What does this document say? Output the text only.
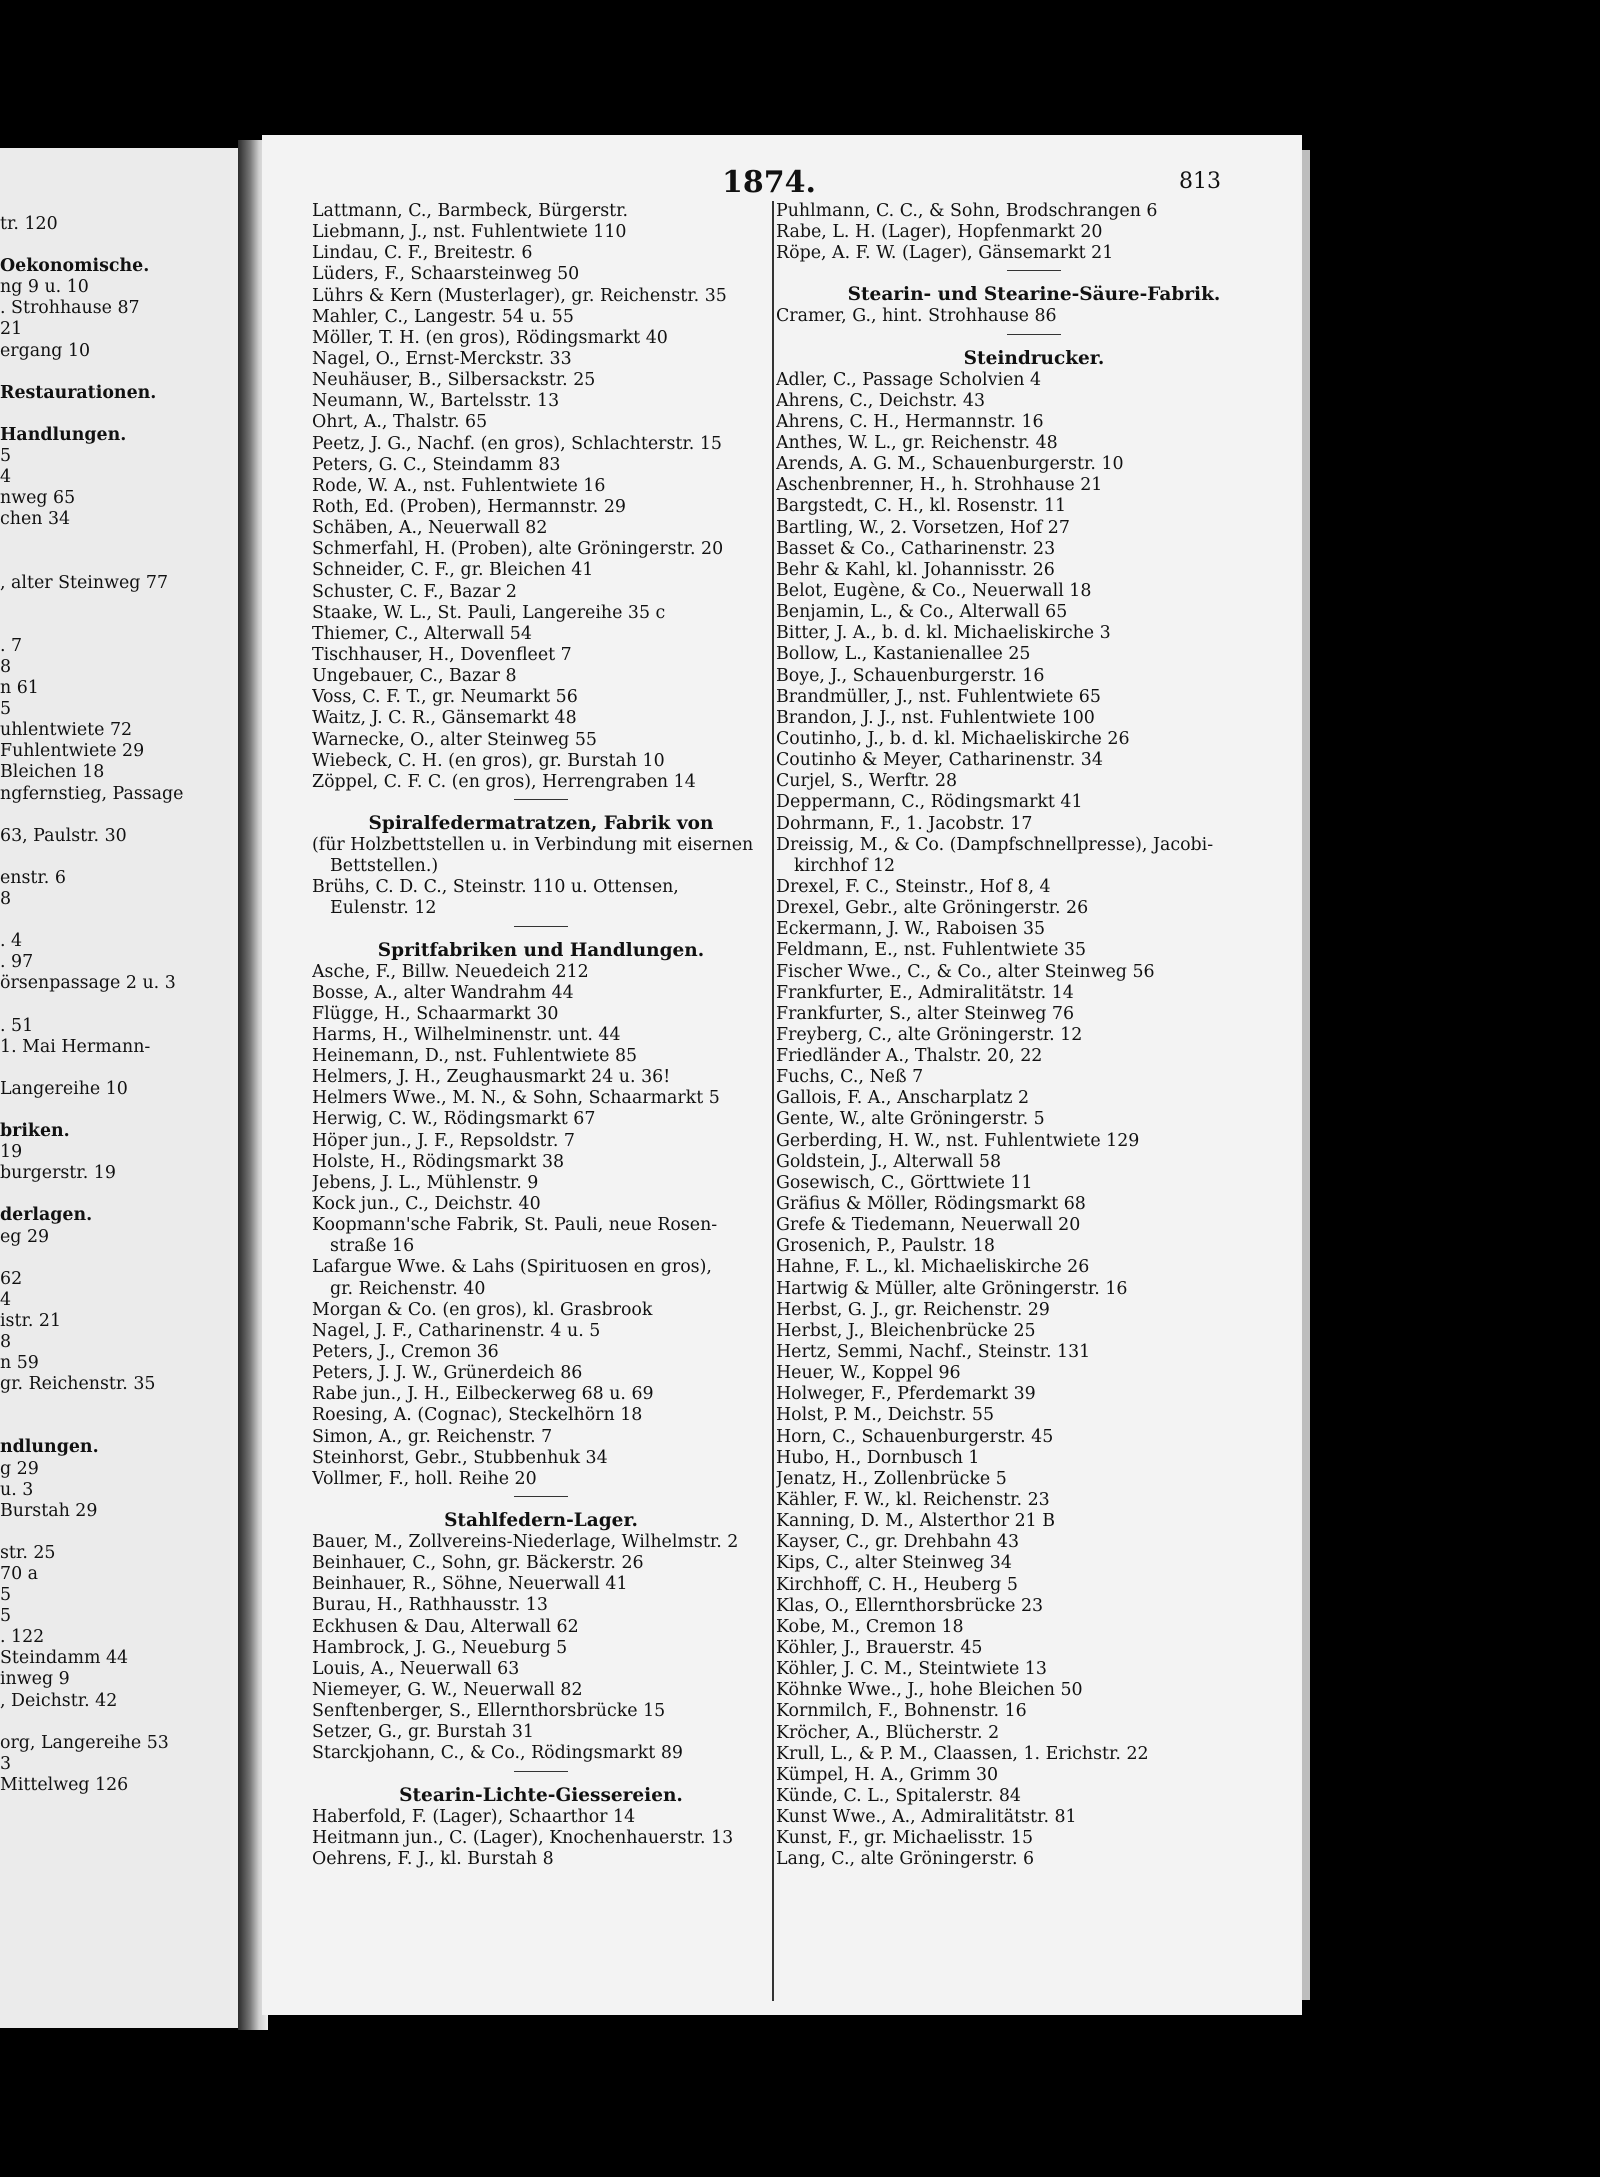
tr. 120
Oekonomische.
ng 9 u. 10
. Strohhause 87
21
ergang 10
Restaurationen.
Handlungen.
5
4
nweg 65
chen 34
, alter Steinweg 77
. 7
8
n 61
5
uhlentwiete 72
Fuhlentwiete 29
Bleichen 18
ngfernstieg, Passage
63, Paulstr. 30
enstr. 6
8
. 4
. 97
örsenpassage 2 u. 3
. 51
1. Mai Hermann-
Langereihe 10
briken.
19
burgerstr. 19
derlagen.
eg 29
62
4
istr. 21
8
n 59
gr. Reichenstr. 35
ndlungen.
g 29
u. 3
Burstah 29
str. 25
70 a
5
5
. 122
Steindamm 44
inweg 9
, Deichstr. 42
org, Langereihe 53
3
Mittelweg 126
1874.	813
Lattmann, C., Barmbeck, Bürgerstr.
Liebmann, J., nst. Fuhlentwiete 110
Lindau, C. F., Breitestr. 6
Lüders, F., Schaarsteinweg 50
Lührs & Kern (Musterlager), gr. Reichenstr. 35
Mahler, C., Langestr. 54 u. 55
Möller, T. H. (en gros), Rödingsmarkt 40
Nagel, O., Ernst-Merckstr. 33
Neuhäuser, B., Silbersackstr. 25
Neumann, W., Bartelsstr. 13
Ohrt, A., Thalstr. 65
Peetz, J. G., Nachf. (en gros), Schlachterstr. 15
Peters, G. C., Steindamm 83
Rode, W. A., nst. Fuhlentwiete 16
Roth, Ed. (Proben), Hermannstr. 29
Schäben, A., Neuerwall 82
Schmerfahl, H. (Proben), alte Gröningerstr. 20
Schneider, C. F., gr. Bleichen 41
Schuster, C. F., Bazar 2
Staake, W. L., St. Pauli, Langereihe 35 c
Thiemer, C., Alterwall 54
Tischhauser, H., Dovenfleet 7
Ungebauer, C., Bazar 8
Voss, C. F. T., gr. Neumarkt 56
Waitz, J. C. R., Gänsemarkt 48
Warnecke, O., alter Steinweg 55
Wiebeck, C. H. (en gros), gr. Burstah 10
Zöppel, C. F. C. (en gros), Herrengraben 14
Spiralfedermatratzen, Fabrik von
(für Holzbettstellen u. in Verbindung mit eisernen
Bettstellen.)
Brühs, C. D. C., Steinstr. 110 u. Ottensen,
Eulenstr. 12
Spritfabriken und Handlungen.
Asche, F., Billw. Neuedeich 212
Bosse, A., alter Wandrahm 44
Flügge, H., Schaarmarkt 30
Harms, H., Wilhelminenstr. unt. 44
Heinemann, D., nst. Fuhlentwiete 85
Helmers, J. H., Zeughausmarkt 24 u. 36!
Helmers Wwe., M. N., & Sohn, Schaarmarkt 5
Herwig, C. W., Rödingsmarkt 67
Höper jun., J. F., Repsoldstr. 7
Holste, H., Rödingsmarkt 38
Jebens, J. L., Mühlenstr. 9
Kock jun., C., Deichstr. 40
Koopmann'sche Fabrik, St. Pauli, neue Rosen-
straße 16
Lafargue Wwe. & Lahs (Spirituosen en gros),
gr. Reichenstr. 40
Morgan & Co. (en gros), kl. Grasbrook
Nagel, J. F., Catharinenstr. 4 u. 5
Peters, J., Cremon 36
Peters, J. J. W., Grünerdeich 86
Rabe jun., J. H., Eilbeckerweg 68 u. 69
Roesing, A. (Cognac), Steckelhörn 18
Simon, A., gr. Reichenstr. 7
Steinhorst, Gebr., Stubbenhuk 34
Vollmer, F., holl. Reihe 20
Stahlfedern-Lager.
Bauer, M., Zollvereins-Niederlage, Wilhelmstr. 2
Beinhauer, C., Sohn, gr. Bäckerstr. 26
Beinhauer, R., Söhne, Neuerwall 41
Burau, H., Rathhausstr. 13
Eckhusen & Dau, Alterwall 62
Hambrock, J. G., Neueburg 5
Louis, A., Neuerwall 63
Niemeyer, G. W., Neuerwall 82
Senftenberger, S., Ellernthorsbrücke 15
Setzer, G., gr. Burstah 31
Starckjohann, C., & Co., Rödingsmarkt 89
Stearin-Lichte-Giessereien.
Haberfold, F. (Lager), Schaarthor 14
Heitmann jun., C. (Lager), Knochenhauerstr. 13
Oehrens, F. J., kl. Burstah 8
Puhlmann, C. C., & Sohn, Brodschrangen 6
Rabe, L. H. (Lager), Hopfenmarkt 20
Röpe, A. F. W. (Lager), Gänsemarkt 21
Stearin- und Stearine-Säure-Fabrik.
Cramer, G., hint. Strohhause 86
Steindrucker.
Adler, C., Passage Scholvien 4
Ahrens, C., Deichstr. 43
Ahrens, C. H., Hermannstr. 16
Anthes, W. L., gr. Reichenstr. 48
Arends, A. G. M., Schauenburgerstr. 10
Aschenbrenner, H., h. Strohhause 21
Bargstedt, C. H., kl. Rosenstr. 11
Bartling, W., 2. Vorsetzen, Hof 27
Basset & Co., Catharinenstr. 23
Behr & Kahl, kl. Johannisstr. 26
Belot, Eugène, & Co., Neuerwall 18
Benjamin, L., & Co., Alterwall 65
Bitter, J. A., b. d. kl. Michaeliskirche 3
Bollow, L., Kastanienallee 25
Boye, J., Schauenburgerstr. 16
Brandmüller, J., nst. Fuhlentwiete 65
Brandon, J. J., nst. Fuhlentwiete 100
Coutinho, J., b. d. kl. Michaeliskirche 26
Coutinho & Meyer, Catharinenstr. 34
Curjel, S., Werftr. 28
Deppermann, C., Rödingsmarkt 41
Dohrmann, F., 1. Jacobstr. 17
Dreissig, M., & Co. (Dampfschnellpresse), Jacobi-
kirchhof 12
Drexel, F. C., Steinstr., Hof 8, 4
Drexel, Gebr., alte Gröningerstr. 26
Eckermann, J. W., Raboisen 35
Feldmann, E., nst. Fuhlentwiete 35
Fischer Wwe., C., & Co., alter Steinweg 56
Frankfurter, E., Admiralitätstr. 14
Frankfurter, S., alter Steinweg 76
Freyberg, C., alte Gröningerstr. 12
Friedländer A., Thalstr. 20, 22
Fuchs, C., Neß 7
Gallois, F. A., Anscharplatz 2
Gente, W., alte Gröningerstr. 5
Gerberding, H. W., nst. Fuhlentwiete 129
Goldstein, J., Alterwall 58
Gosewisch, C., Görttwiete 11
Gräfius & Möller, Rödingsmarkt 68
Grefe & Tiedemann, Neuerwall 20
Grosenich, P., Paulstr. 18
Hahne, F. L., kl. Michaeliskirche 26
Hartwig & Müller, alte Gröningerstr. 16
Herbst, G. J., gr. Reichenstr. 29
Herbst, J., Bleichenbrücke 25
Hertz, Semmi, Nachf., Steinstr. 131
Heuer, W., Koppel 96
Holweger, F., Pferdemarkt 39
Holst, P. M., Deichstr. 55
Horn, C., Schauenburgerstr. 45
Hubo, H., Dornbusch 1
Jenatz, H., Zollenbrücke 5
Kähler, F. W., kl. Reichenstr. 23
Kanning, D. M., Alsterthor 21 B
Kayser, C., gr. Drehbahn 43
Kips, C., alter Steinweg 34
Kirchhoff, C. H., Heuberg 5
Klas, O., Ellernthorsbrücke 23
Kobe, M., Cremon 18
Köhler, J., Brauerstr. 45
Köhler, J. C. M., Steintwiete 13
Köhnke Wwe., J., hohe Bleichen 50
Kornmilch, F., Bohnenstr. 16
Kröcher, A., Blücherstr. 2
Krull, L., & P. M., Claassen, 1. Erichstr. 22
Kümpel, H. A., Grimm 30
Künde, C. L., Spitalerstr. 84
Kunst Wwe., A., Admiralitätstr. 81
Kunst, F., gr. Michaelisstr. 15
Lang, C., alte Gröningerstr. 6
